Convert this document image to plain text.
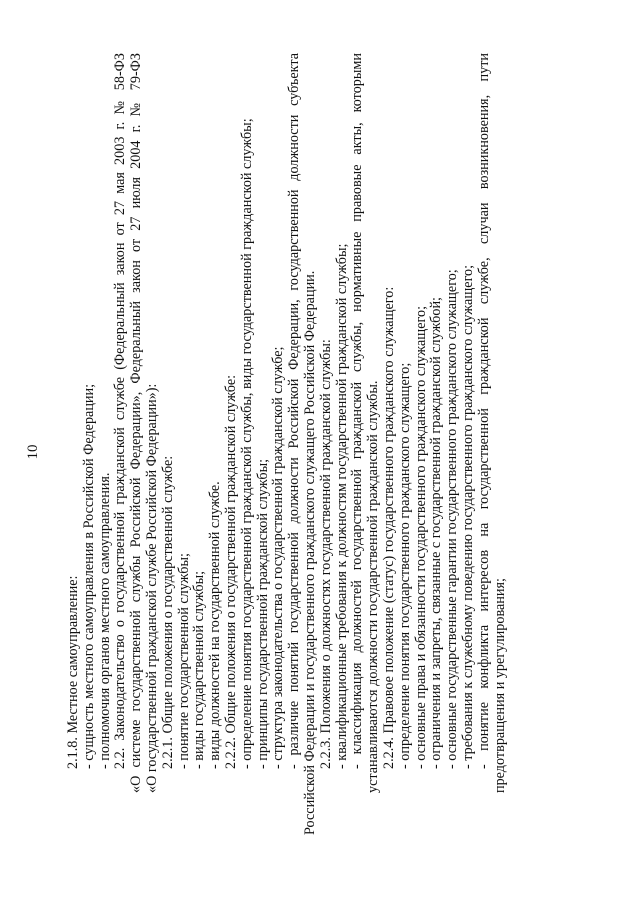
10
2.1.8. Местное самоуправление: - сущность местного самоуправления в Российской Федерации; - полномочия органов местного самоуправления. 2.2. Законодательство о государственной гражданской службе (Федеральный закон от 27 мая 2003 г. № 58-ФЗ «О системе государственной службы Российской Федерации», Федеральный закон от 27 июля 2004 г. № 79-ФЗ «О государственной гражданской службе Российской Федерации»): 2.2.1. Общие положения о государственной службе: - понятие государственной службы; - виды государственной службы; - виды должностей на государственной службе. 2.2.2. Общие положения о государственной гражданской службе: - определение понятия государственной гражданской службы, виды государственной гражданской службы; - принципы государственной гражданской службы; - структура законодательства о государственной гражданской службе; - различие понятий государственной должности Российской Федерации, государственной должности субъекта Российской Федерации и государственного гражданского служащего Российской Федерации. 2.2.3. Положения о должностях государственной гражданской службы: - квалификационные требования к должностям государственной гражданской службы; - классификация должностей государственной гражданской службы, нормативные правовые акты, которыми устанавливаются должности государственной гражданской службы. 2.2.4. Правовое положение (статус) государственного гражданского служащего: - определение понятия государственного гражданского служащего; - основные права и обязанности государственного гражданского служащего; - ограничения и запреты, связанные с государственной гражданской службой; - основные государственные гарантии государственного гражданского служащего; - требования к служебному поведению государственного гражданского служащего; - понятие конфликта интересов на государственной гражданской службе, случаи возникновения, пути предотвращения и урегулирования;
